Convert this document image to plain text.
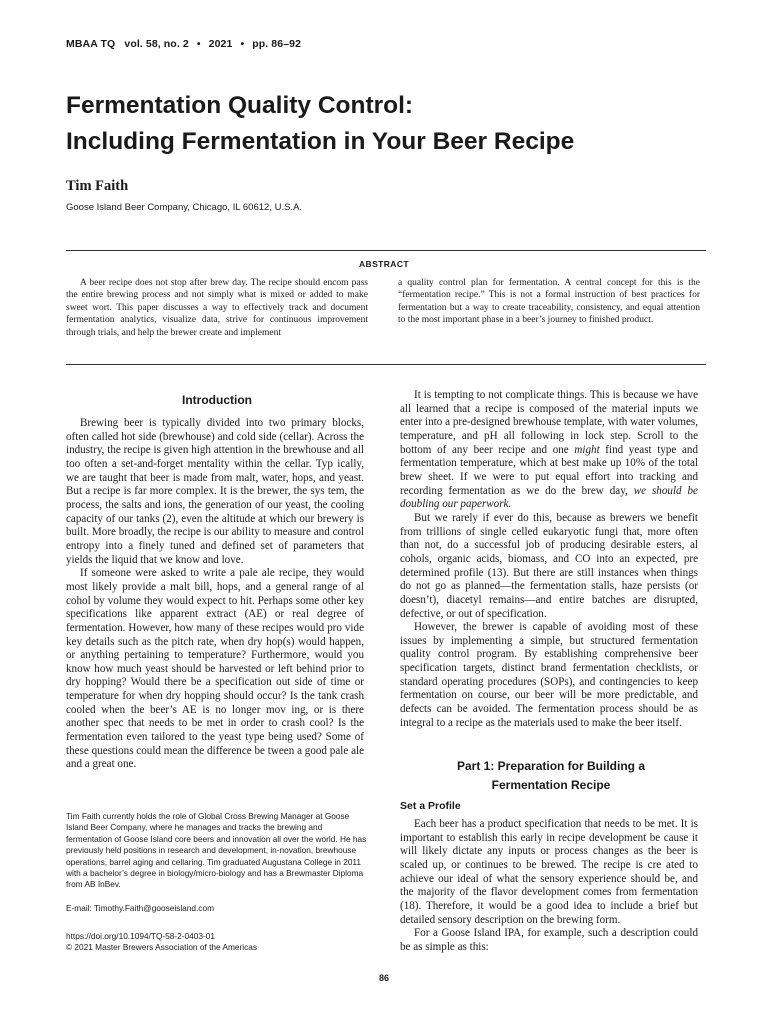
MBAA TQ vol. 58, no. 2 • 2021 • pp. 86–92
Fermentation Quality Control:
Including Fermentation in Your Beer Recipe
Tim Faith
Goose Island Beer Company, Chicago, IL 60612, U.S.A.
ABSTRACT

A beer recipe does not stop after brew day. The recipe should encom pass the entire brewing process and not simply what is mixed or added to make sweet wort. This paper discusses a way to effectively track and document fermentation analytics, visualize data, strive for continuous improvement through trials, and help the brewer create and implement

a quality control plan for fermentation. A central concept for this is the “fermentation recipe.” This is not a formal instruction of best practices for fermentation but a way to create traceability, consistency, and equal attention to the most important phase in a beer’s journey to finished product.

Introduction

Brewing beer is typically divided into two primary blocks, often called hot side (brewhouse) and cold side (cellar). Across the industry, the recipe is given high attention in the brewhouse and all too often a set-and-forget mentality within the cellar. Typ ically, we are taught that beer is made from malt, water, hops, and yeast. But a recipe is far more complex. It is the brewer, the sys tem, the process, the salts and ions, the generation of our yeast, the cooling capacity of our tanks (2), even the altitude at which our brewery is built. More broadly, the recipe is our ability to measure and control entropy into a finely tuned and defined set of parameters that yields the liquid that we know and love.

If someone were asked to write a pale ale recipe, they would most likely provide a malt bill, hops, and a general range of al cohol by volume they would expect to hit. Perhaps some other key specifications like apparent extract (AE) or real degree of fermentation. However, how many of these recipes would pro vide key details such as the pitch rate, when dry hop(s) would happen, or anything pertaining to temperature? Furthermore, would you know how much yeast should be harvested or left behind prior to dry hopping? Would there be a specification out side of time or temperature for when dry hopping should occur? Is the tank crash cooled when the beer’s AE is no longer mov ing, or is there another spec that needs to be met in order to crash cool? Is the fermentation even tailored to the yeast type being used? Some of these questions could mean the difference be tween a good pale ale and a great one.

It is tempting to not complicate things. This is because we have all learned that a recipe is composed of the material inputs we enter into a pre-designed brewhouse template, with water volumes, temperature, and pH all following in lock step. Scroll to the bottom of any beer recipe and one might find yeast type and fermentation temperature, which at best make up 10% of the total brew sheet. If we were to put equal effort into tracking and recording fermentation as we do the brew day, we should be doubling our paperwork.

But we rarely if ever do this, because as brewers we benefit from trillions of single celled eukaryotic fungi that, more often than not, do a successful job of producing desirable esters, al cohols, organic acids, biomass, and CO into an expected, pre determined profile (13). But there are still instances when things do not go as planned—the fermentation stalls, haze persists (or doesn’t), diacetyl remains—and entire batches are disrupted, defective, or out of specification.

However, the brewer is capable of avoiding most of these issues by implementing a simple, but structured fermentation quality control program. By establishing comprehensive beer specification targets, distinct brand fermentation checklists, or standard operating procedures (SOPs), and contingencies to keep fermentation on course, our beer will be more predictable, and defects can be avoided. The fermentation process should be as integral to a recipe as the materials used to make the beer itself.

Part 1: Preparation for Building a
Fermentation Recipe
Set a Profile

Each beer has a product specification that needs to be met. It is important to establish this early in recipe development be cause it will likely dictate any inputs or process changes as the beer is scaled up, or continues to be brewed. The recipe is cre ated to achieve our ideal of what the sensory experience should be, and the majority of the flavor development comes from fermentation (18). Therefore, it would be a good idea to include a brief but detailed sensory description on the brewing form.

For a Goose Island IPA, for example, such a description could be as simple as this:

Tim Faith currently holds the role of Global Cross Brewing Manager at Goose Island Beer Company, where he manages and tracks the brewing and fermentation of Goose Island core beers and innovation all over the world. He has previously held positions in research and development, in-novation, brewhouse operations, barrel aging and cellaring. Tim graduated Augustana College in 2011 with a bachelor’s degree in biology/micro-biology and has a Brewmaster Diploma from AB InBev.

E-mail: Timothy.Faith@gooseisland.com
https://doi.org/10.1094/TQ-58-2-0403-01
© 2021 Master Brewers Association of the Americas
86
